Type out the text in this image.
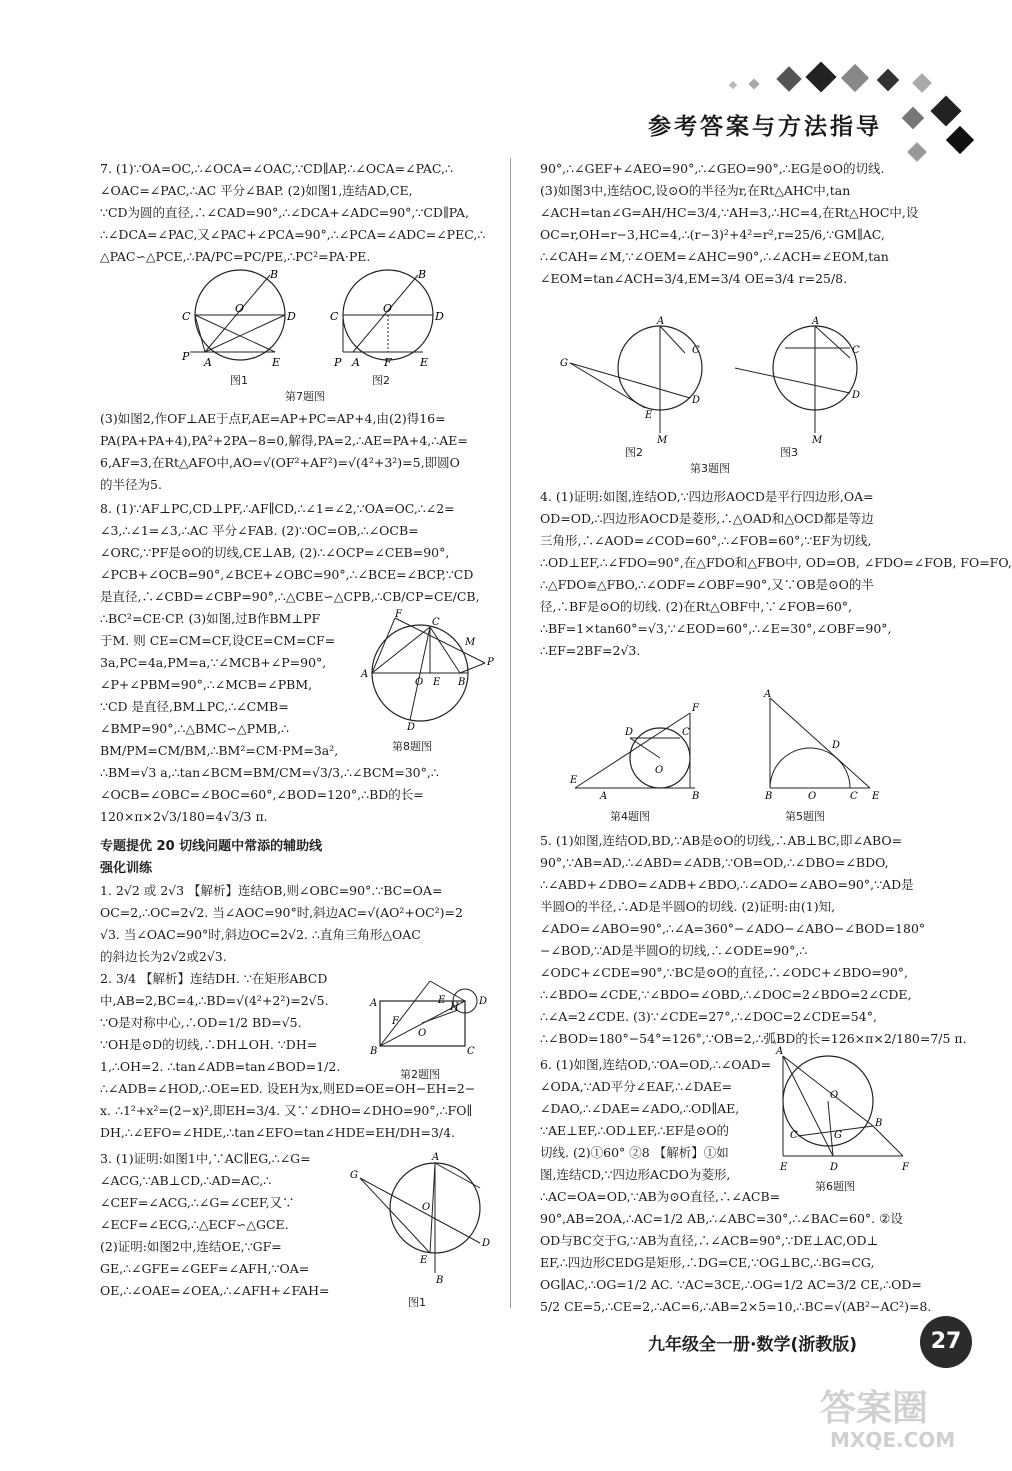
参考答案与方法指导
7. (1)∵OA=OC,∴∠OCA=∠OAC,∵CD∥AP,∴∠OCA=∠PAC,∴
∠OAC=∠PAC,∴AC 平分∠BAP. (2)如图1,连结AD,CE,
∵CD为圆的直径,∴∠CAD=90°,∴∠DCA+∠ADC=90°,∵CD∥PA,
∴∠DCA=∠PAC,又∠PAC+∠PCA=90°,∴∠PCA=∠ADC=∠PEC,∴
△PAC∽△PCE,∴PA/PC=PC/PE,∴PC²=PA·PE.
C	D
B
O
P A	E
C	D
B
O
P A	E
F
图1	图2
第7题图
(3)如图2,作OF⊥AE于点F,AE=AP+PC=AP+4,由(2)得16=
PA(PA+PA+4),PA²+2PA−8=0,解得,PA=2,∴AE=PA+4,∴AE=
6,AF=3,在Rt△AFO中,AO=√(OF²+AF²)=√(4²+3²)=5,即圆O
的半径为5.
8. (1)∵AF⊥PC,CD⊥PF,∴AF∥CD,∴∠1=∠2,∵OA=OC,∴∠2=
∠3,∴∠1=∠3,∴AC 平分∠FAB. (2)∵OC=OB,∴∠OCB=
∠ORC,∵PF是⊙O的切线,CE⊥AB, (2)∴∠OCP=∠CEB=90°,
∠PCB+∠OCB=90°,∠BCE+∠OBC=90°,∴∠BCE=∠BCP,∵CD
是直径,∴∠CBD=∠CBP=90°,∴△CBE∽△CPB,∴CB/CP=CE/CB,
∴BC²=CE·CP. (3)如图,过B作BM⊥PF
于M. 则 CE=CM=CF,设CE=CM=CF=
3a,PC=4a,PM=a,∵∠MCB+∠P=90°,
∠P+∠PBM=90°,∴∠MCB=∠PBM,
∵CD 是直径,BM⊥PC,∴∠CMB=
∠BMP=90°,∴△BMC∽△PMB,∴
BM/PM=CM/BM,∴BM²=CM·PM=3a²,
∴BM=√3 a,∴tan∠BCM=BM/CM=√3/3,∴∠BCM=30°,∴
∠OCB=∠OBC=∠BOC=60°,∠BOD=120°,∴BD的长=
120×π×2√3/180=4√3/3 π.
F
C
M
A
P
O E B
D
第8题图
专题提优 20 切线问题中常添的辅助线
强化训练
1. 2√2 或 2√3 【解析】连结OB,则∠OBC=90°.∵BC=OA=
OC=2,∴OC=2√2. 当∠AOC=90°时,斜边AC=√(AO²+OC²)=2
√3. 当∠OAC=90°时,斜边OC=2√2. ∴直角三角形△OAC
的斜边长为2√2或2√3.
2. 3/4 【解析】连结DH. ∵在矩形ABCD
中,AB=2,BC=4,∴BD=√(4²+2²)=2√5.
∵O是对称中心,∴OD=1/2 BD=√5.
∵OH是⊙D的切线,∴DH⊥OH. ∵DH=
1,∴OH=2. ∴tan∠ADB=tan∠BOD=1/2.
∴∠ADB=∠HOD,∴OE=ED. 设EH为x,则ED=OE=OH−EH=2−
x. ∴1²+x²=(2−x)²,即EH=3/4. 又∵∠DHO=∠DHO=90°,∴FO∥
DH,∴∠EFO=∠HDE,∴tan∠EFO=tan∠HDE=EH/DH=3/4.
A
B	C
D
F
E
O
H
第2题图
3. (1)证明:如图1中,∵AC∥EG,∴∠G=
∠ACG,∵AB⊥CD,∴AD=AC,∴
∠CEF=∠ACG,∴∠G=∠CEF,又∵
∠ECF=∠ECG,∴△ECF∽△GCE.
(2)证明:如图2中,连结OE,∵GF=
GE,∴∠GFE=∠GEF=∠AFH,∵OA=
OE,∴∠OAE=∠OEA,∴∠AFH+∠FAH=
G
A
O
E
B
D
图1
90°,∴∠GEF+∠AEO=90°,∴∠GEO=90°,∴EG是⊙O的切线.
(3)如图3中,连结OC,设⊙O的半径为r,在Rt△AHC中,tan
∠ACH=tan∠G=AH/HC=3/4,∵AH=3,∴HC=4,在Rt△HOC中,设
OC=r,OH=r−3,HC=4,∴(r−3)²+4²=r²,r=25/6,∵GM∥AC,
∴∠CAH=∠M,∵∠OEM=∠AHC=90°,∴∠ACH=∠EOM,tan
∠EOM=tan∠ACH=3/4,EM=3/4 OE=3/4 r=25/8.
G
A
C
E
M
D
A
C
M
D
图2	图3
第3题图
4. (1)证明:如图,连结OD,∵四边形AOCD是平行四边形,OA=
OD=OD,∴四边形AOCD是菱形,∴△OAD和△OCD都是等边
三角形,∴∠AOD=∠COD=60°,∴∠FOB=60°,∵EF为切线,
∴OD⊥EF,∴∠FDO=90°,在△FDO和△FBO中, OD=OB, ∠FDO=∠FOB, FO=FO,
∴△FDO≌△FBO,∴∠ODF=∠OBF=90°,又∵OB是⊙O的半
径,∴BF是⊙O的切线. (2)在Rt△OBF中,∵∠FOB=60°,
∴BF=1×tan60°=√3,∵∠EOD=60°,∴∠E=30°,∠OBF=90°,
∴EF=2BF=2√3.
E
D	C
F
O
B
A
A
B	O	C E
D
第4题图	第5题图
5. (1)如图,连结OD,BD,∵AB是⊙O的切线,∴AB⊥BC,即∠ABO=
90°,∵AB=AD,∴∠ABD=∠ADB,∵OB=OD,∴∠DBO=∠BDO,
∴∠ABD+∠DBO=∠ADB+∠BDO,∴∠ADO=∠ABO=90°,∵AD是
半圆O的半径,∴AD是半圆O的切线. (2)证明:由(1)知,
∠ADO=∠ABO=90°,∴∠A=360°−∠ADO−∠ABO−∠BOD=180°
−∠BOD,∵AD是半圆O的切线,∴∠ODE=90°,∴
∠ODC+∠CDE=90°,∵BC是⊙O的直径,∴∠ODC+∠BDO=90°,
∴∠BDO=∠CDE,∵∠BDO=∠OBD,∴∠DOC=2∠BDO=2∠CDE,
∴∠A=2∠CDE. (3)∵∠CDE=27°,∴∠DOC=2∠CDE=54°,
∴∠BOD=180°−54°=126°,∵OB=2,∴弧BD的长=126×π×2/180=7/5 π.
6. (1)如图,连结OD,∵OA=OD,∴∠OAD=
∠ODA,∵AD平分∠EAF,∴∠DAE=
∠DAO,∴∠DAE=∠ADO,∴OD∥AE,
∵AE⊥EF,∴OD⊥EF,∴EF是⊙O的
切线. (2)①60° ②8 【解析】①如
图,连结CD,∵四边形ACDO为菱形,
∴AC=OA=OD,∵AB为⊙O直径,∴∠ACB=
90°,AB=2OA,∴AC=1/2 AB,∴∠ABC=30°,∴∠BAC=60°. ②设
OD与BC交于G,∵AB为直径,∴∠ACB=90°,∵DE⊥AC,OD⊥
EF,∴四边形CEDG是矩形,∴DG=CE,∵OG⊥BC,∴BG=CG,
OG∥AC,∴OG=1/2 AC. ∵AC=3CE,∴OG=1/2 AC=3/2 CE,∴OD=
5/2 CE=5,∴CE=2,∴AC=6,∴AB=2×5=10,∴BC=√(AB²−AC²)=8.
A
O
C	G
B
E	D	F
第6题图
九年级全一册·数学(浙教版)	27
答案圈
MXQE.COM
